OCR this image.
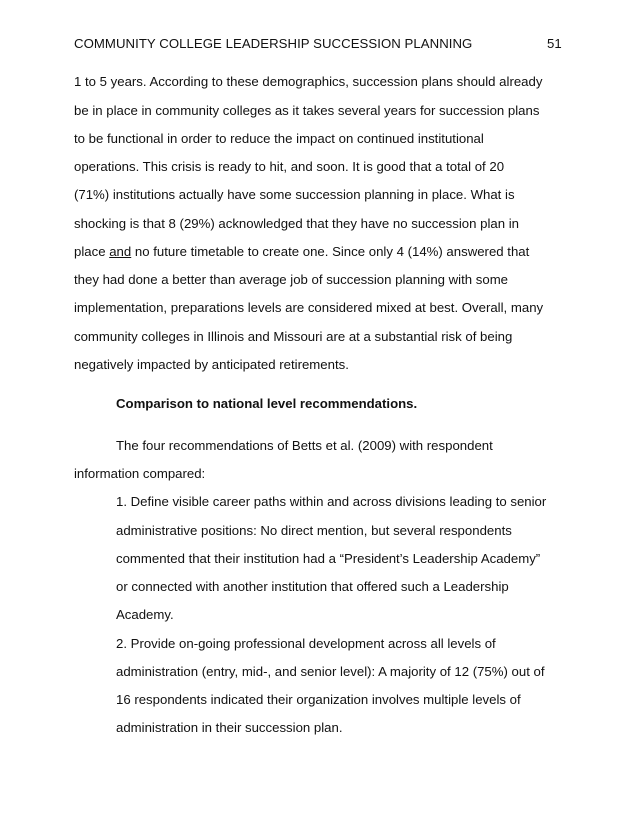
COMMUNITY COLLEGE LEADERSHIP SUCCESSION PLANNING	51
1 to 5 years. According to these demographics, succession plans should already
be in place in community colleges as it takes several years for succession plans
to be functional in order to reduce the impact on continued institutional
operations. This crisis is ready to hit, and soon. It is good that a total of 20
(71%) institutions actually have some succession planning in place. What is
shocking is that 8 (29%) acknowledged that they have no succession plan in
place and no future timetable to create one. Since only 4 (14%) answered that
they had done a better than average job of succession planning with some
implementation, preparations levels are considered mixed at best. Overall, many
community colleges in Illinois and Missouri are at a substantial risk of being
negatively impacted by anticipated retirements.
Comparison to national level recommendations.
The four recommendations of Betts et al. (2009) with respondent
information compared:
1. Define visible career paths within and across divisions leading to senior
administrative positions: No direct mention, but several respondents
commented that their institution had a “President’s Leadership Academy”
or connected with another institution that offered such a Leadership
Academy.
2. Provide on-going professional development across all levels of
administration (entry, mid-, and senior level): A majority of 12 (75%) out of
16 respondents indicated their organization involves multiple levels of
administration in their succession plan.
